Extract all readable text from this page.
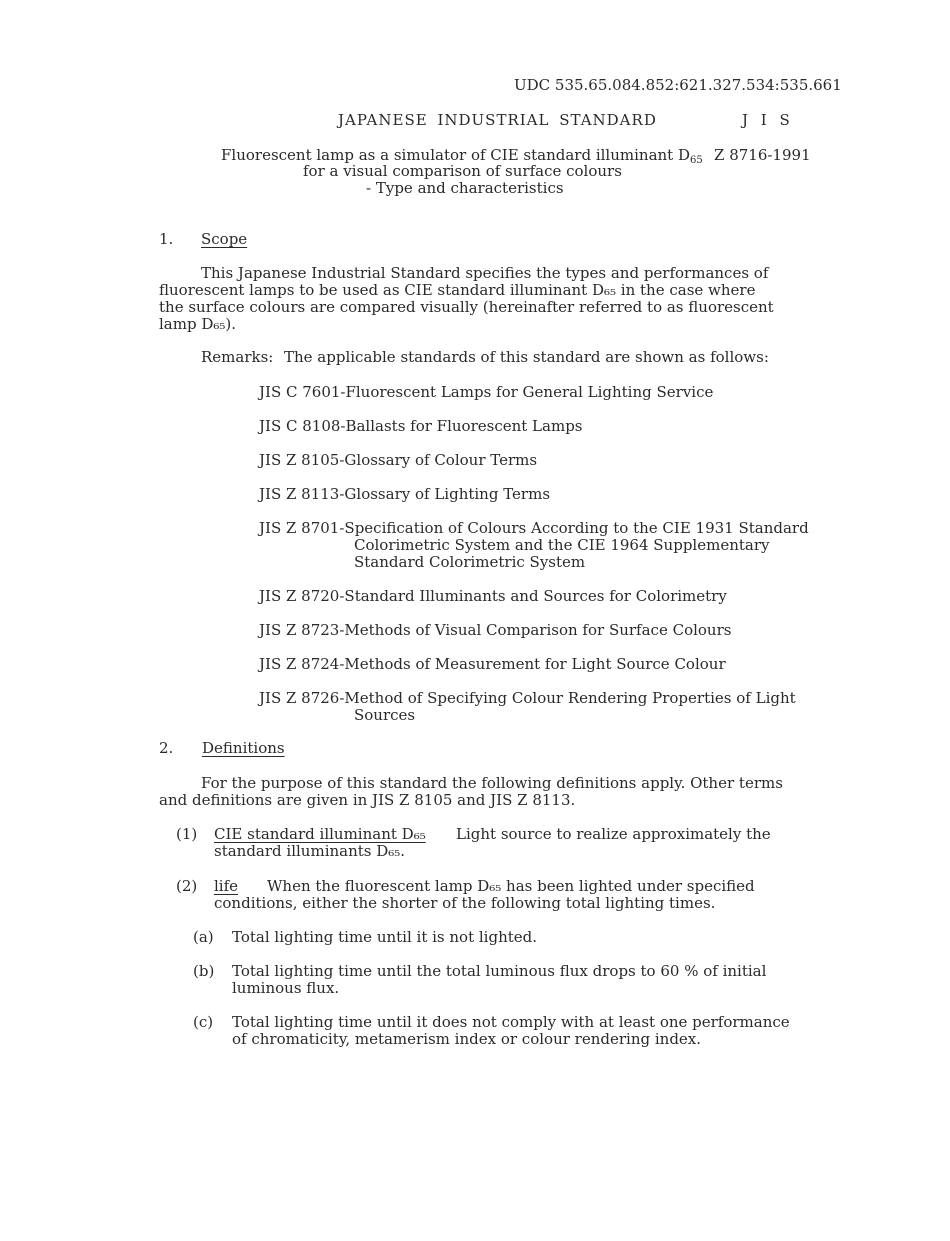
UDC 535.65.084.852:621.327.534:535.661
JAPANESE INDUSTRIAL STANDARD	J I S
Fluorescent lamp as a simulator of CIE standard illuminant $D_{65}$ Z 8716-1991
for a visual comparison of surface colours
- Type and characteristics
1. Scope
This Japanese Industrial Standard specifies the types and performances of
fluorescent lamps to be used as CIE standard illuminant D₆₅ in the case where
the surface colours are compared visually (hereinafter referred to as fluorescent
lamp D₆₅).
Remarks: The applicable standards of this standard are shown as follows:
JIS C 7601-Fluorescent Lamps for General Lighting Service
JIS C 8108-Ballasts for Fluorescent Lamps
JIS Z 8105-Glossary of Colour Terms
JIS Z 8113-Glossary of Lighting Terms
JIS Z 8701-Specification of Colours According to the CIE 1931 Standard
Colorimetric System and the CIE 1964 Supplementary
Standard Colorimetric System
JIS Z 8720-Standard Illuminants and Sources for Colorimetry
JIS Z 8723-Methods of Visual Comparison for Surface Colours
JIS Z 8724-Methods of Measurement for Light Source Colour
JIS Z 8726-Method of Specifying Colour Rendering Properties of Light
Sources
2. Definitions
For the purpose of this standard the following definitions apply. Other terms
and definitions are given in JIS Z 8105 and JIS Z 8113.
(1) CIE standard illuminant D₆₅ Light source to realize approximately the
standard illuminants D₆₅.
(2) life When the fluorescent lamp D₆₅ has been lighted under specified
conditions, either the shorter of the following total lighting times.
(a) Total lighting time until it is not lighted.
(b) Total lighting time until the total luminous flux drops to 60 % of initial
luminous flux.
(c) Total lighting time until it does not comply with at least one performance
of chromaticity, metamerism index or colour rendering index.
